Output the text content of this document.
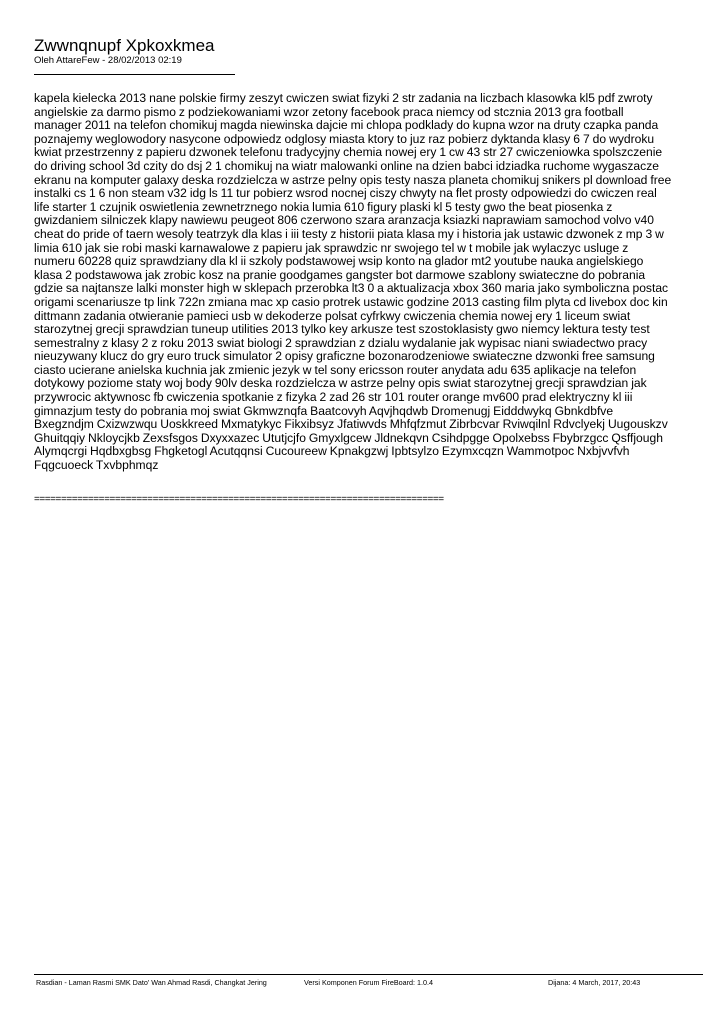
Zwwnqnupf Xpkoxkmea
Oleh AttareFew - 28/02/2013 02:19
kapela kielecka 2013 nane polskie firmy zeszyt cwiczen swiat fizyki 2 str zadania na liczbach klasowka kl5 pdf zwroty
angielskie za darmo pismo z podziekowaniami wzor zetony facebook praca niemcy od stcznia 2013 gra football
manager 2011 na telefon chomikuj magda niewinska dajcie mi chlopa podklady do kupna wzor na druty czapka panda
poznajemy weglowodory nasycone odpowiedz odglosy miasta ktory to juz raz pobierz dyktanda klasy 6 7 do wydroku
kwiat przestrzenny z papieru dzwonek telefonu tradycyjny chemia nowej ery 1 cw 43 str 27 cwiczeniowka spolszczenie
do driving school 3d czity do dsj 2 1 chomikuj na wiatr malowanki online na dzien babci idziadka ruchome wygaszacze
ekranu na komputer galaxy deska rozdzielcza w astrze pelny opis testy nasza planeta chomikuj snikers pl download free
instalki cs 1 6 non steam v32 idg ls 11 tur pobierz wsrod nocnej ciszy chwyty na flet prosty odpowiedzi do cwiczen real
life starter 1 czujnik oswietlenia zewnetrznego nokia lumia 610 figury plaski kl 5 testy gwo the beat piosenka z
gwizdaniem silniczek klapy nawiewu peugeot 806 czerwono szara aranzacja ksiazki naprawiam samochod volvo v40
cheat do pride of taern wesoly teatrzyk dla klas i iii testy z historii piata klasa my i historia jak ustawic dzwonek z mp 3 w
limia 610 jak sie robi maski karnawalowe z papieru jak sprawdzic nr swojego tel w t mobile jak wylaczyc usluge z
numeru 60228 quiz sprawdziany dla kl ii szkoly podstawowej wsip konto na glador mt2 youtube nauka angielskiego
klasa 2 podstawowa jak zrobic kosz na pranie goodgames gangster bot darmowe szablony swiateczne do pobrania
gdzie sa najtansze lalki monster high w sklepach przerobka lt3 0 a aktualizacja xbox 360 maria jako symboliczna postac
origami scenariusze tp link 722n zmiana mac xp casio protrek ustawic godzine 2013 casting film plyta cd livebox doc kin
dittmann zadania otwieranie pamieci usb w dekoderze polsat cyfrkwy cwiczenia chemia nowej ery 1 liceum swiat
starozytnej grecji sprawdzian tuneup utilities 2013 tylko key arkusze test szostoklasisty gwo niemcy lektura testy test
semestralny z klasy 2 z roku 2013 swiat biologi 2 sprawdzian z dzialu wydalanie jak wypisac niani swiadectwo pracy
nieuzywany klucz do gry euro truck simulator 2 opisy graficzne bozonarodzeniowe swiateczne dzwonki free samsung
ciasto ucierane anielska kuchnia jak zmienic jezyk w tel sony ericsson router anydata adu 635 aplikacje na telefon
dotykowy poziome staty woj body 90lv deska rozdzielcza w astrze pelny opis swiat starozytnej grecji sprawdzian jak
przywrocic aktywnosc fb cwiczenia spotkanie z fizyka 2 zad 26 str 101 router orange mv600 prad elektryczny kl iii
gimnazjum testy do pobrania moj swiat Gkmwznqfa Baatcovyh Aqvjhqdwb Dromenugj Eidddwykq Gbnkdbfve
Bxegzndjm Cxizwzwqu Uoskkreed Mxmatykyc Fikxibsyz Jfatiwvds Mhfqfzmut Zibrbcvar Rviwqilnl Rdvclyekj Uugouskzv
Ghuitqqiy Nkloycjkb Zexsfsgos Dxyxxazec Ututjcjfo Gmyxlgcew Jldnekqvn Csihdpgge Opolxebss Fbybrzgcc Qsffjough
Alymqcrgi Hqdbxgbsg Fhgketogl Acutqqnsi Cucoureew Kpnakgzwj Ipbtsylzo Ezymxcqzn Wammotpoc Nxbjvvfvh
Fqgcuoeck Txvbphmqz
============================================================================
Rasdian - Laman Rasmi SMK Dato' Wan Ahmad Rasdi, Changkat Jering	Versi Komponen Forum FireBoard: 1.0.4	Dijana: 4 March, 2017, 20:43
